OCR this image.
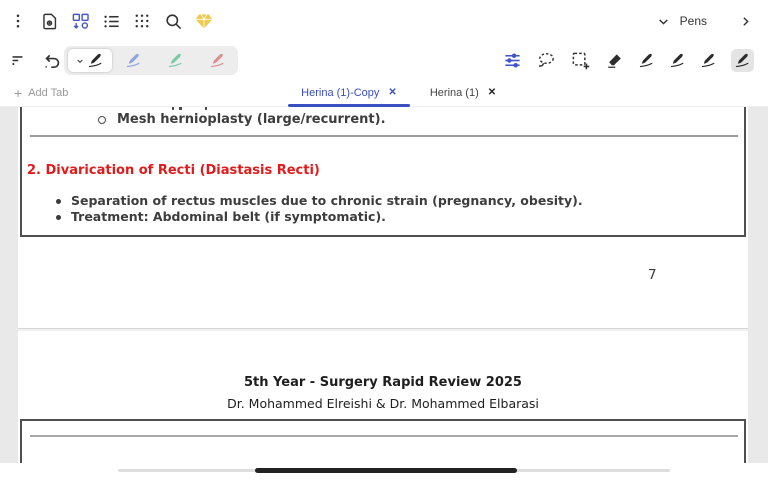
Pens
+ Add Tab	Herina (1)-Copy ✕	Herina (1) ✕
Mesh hernioplasty (large/recurrent).
2. Divarication of Recti (Diastasis Recti)
Separation of rectus muscles due to chronic strain (pregnancy, obesity).
Treatment: Abdominal belt (if symptomatic).
7
5th Year - Surgery Rapid Review 2025
Dr. Mohammed Elreishi & Dr. Mohammed Elbarasi
